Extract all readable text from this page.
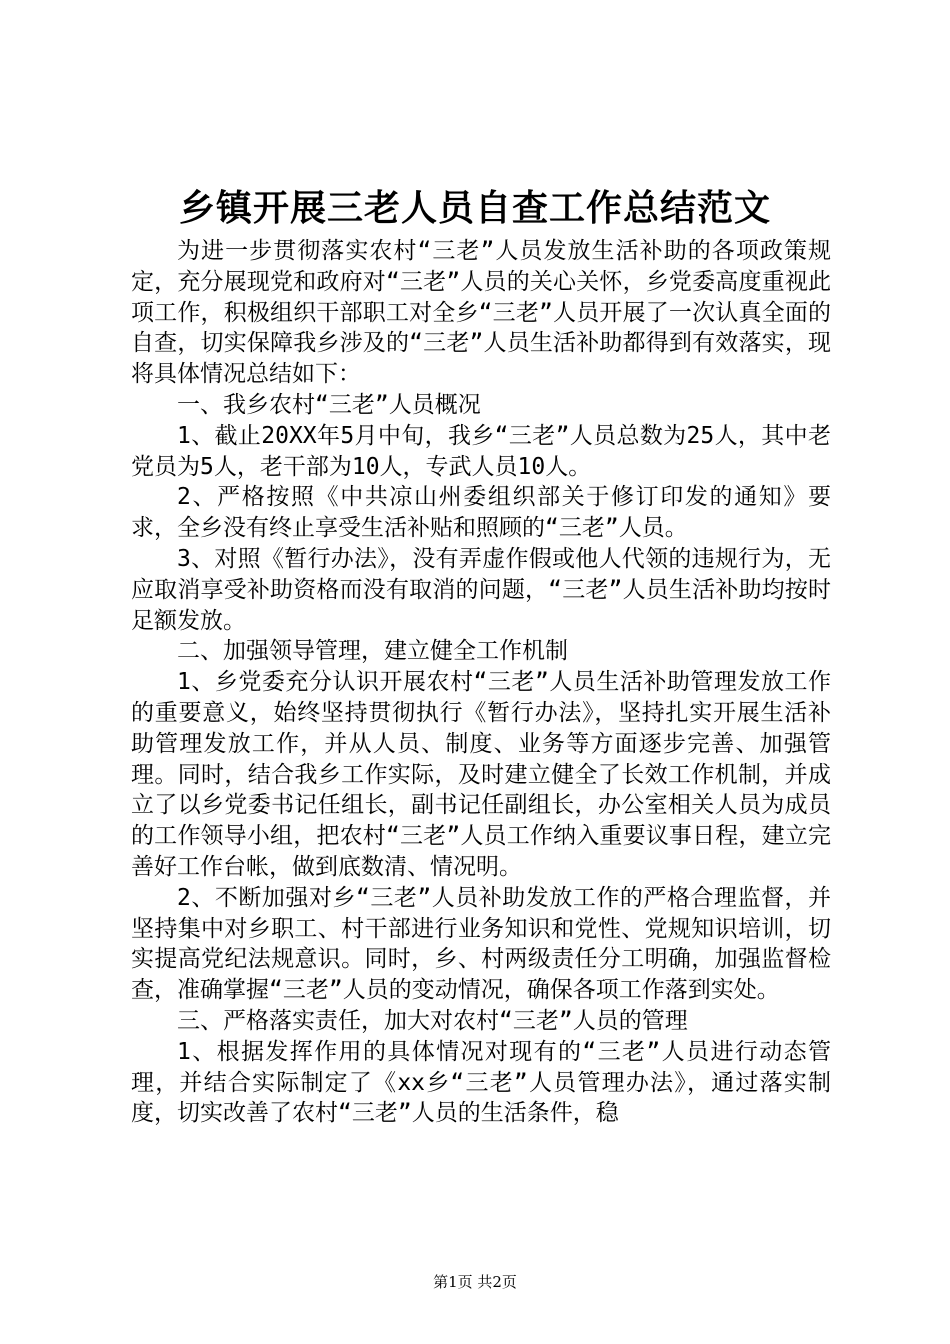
乡镇开展三老人员自查工作总结范文

为进一步贯彻落实农村“三老”人员发放生活补助的各项政策规定，充分展现党和政府对“三老”人员的关心关怀，乡党委高度重视此项工作，积极组织干部职工对全乡“三老”人员开展了一次认真全面的自查，切实保障我乡涉及的“三老”人员生活补助都得到有效落实，现将具体情况总结如下：

一、我乡农村“三老”人员概况

1、截止20XX年5月中旬，我乡“三老”人员总数为25人，其中老党员为5人，老干部为10人，专武人员10人。

2、严格按照《中共凉山州委组织部关于修订印发的通知》要求，全乡没有终止享受生活补贴和照顾的“三老”人员。

3、对照《暂行办法》，没有弄虚作假或他人代领的违规行为，无应取消享受补助资格而没有取消的问题，“三老”人员生活补助均按时足额发放。

二、加强领导管理，建立健全工作机制

1、乡党委充分认识开展农村“三老”人员生活补助管理发放工作的重要意义，始终坚持贯彻执行《暂行办法》，坚持扎实开展生活补助管理发放工作，并从人员、制度、业务等方面逐步完善、加强管理。同时，结合我乡工作实际，及时建立健全了长效工作机制，并成立了以乡党委书记任组长，副书记任副组长，办公室相关人员为成员的工作领导小组，把农村“三老”人员工作纳入重要议事日程，建立完善好工作台帐，做到底数清、情况明。

2、不断加强对乡“三老”人员补助发放工作的严格合理监督，并坚持集中对乡职工、村干部进行业务知识和党性、党规知识培训，切实提高党纪法规意识。同时，乡、村两级责任分工明确，加强监督检查，准确掌握“三老”人员的变动情况，确保各项工作落到实处。

三、严格落实责任，加大对农村“三老”人员的管理

1、根据发挥作用的具体情况对现有的“三老”人员进行动态管理，并结合实际制定了《xx乡“三老”人员管理办法》，通过落实制度，切实改善了农村“三老”人员的生活条件，稳

第1页 共2页
